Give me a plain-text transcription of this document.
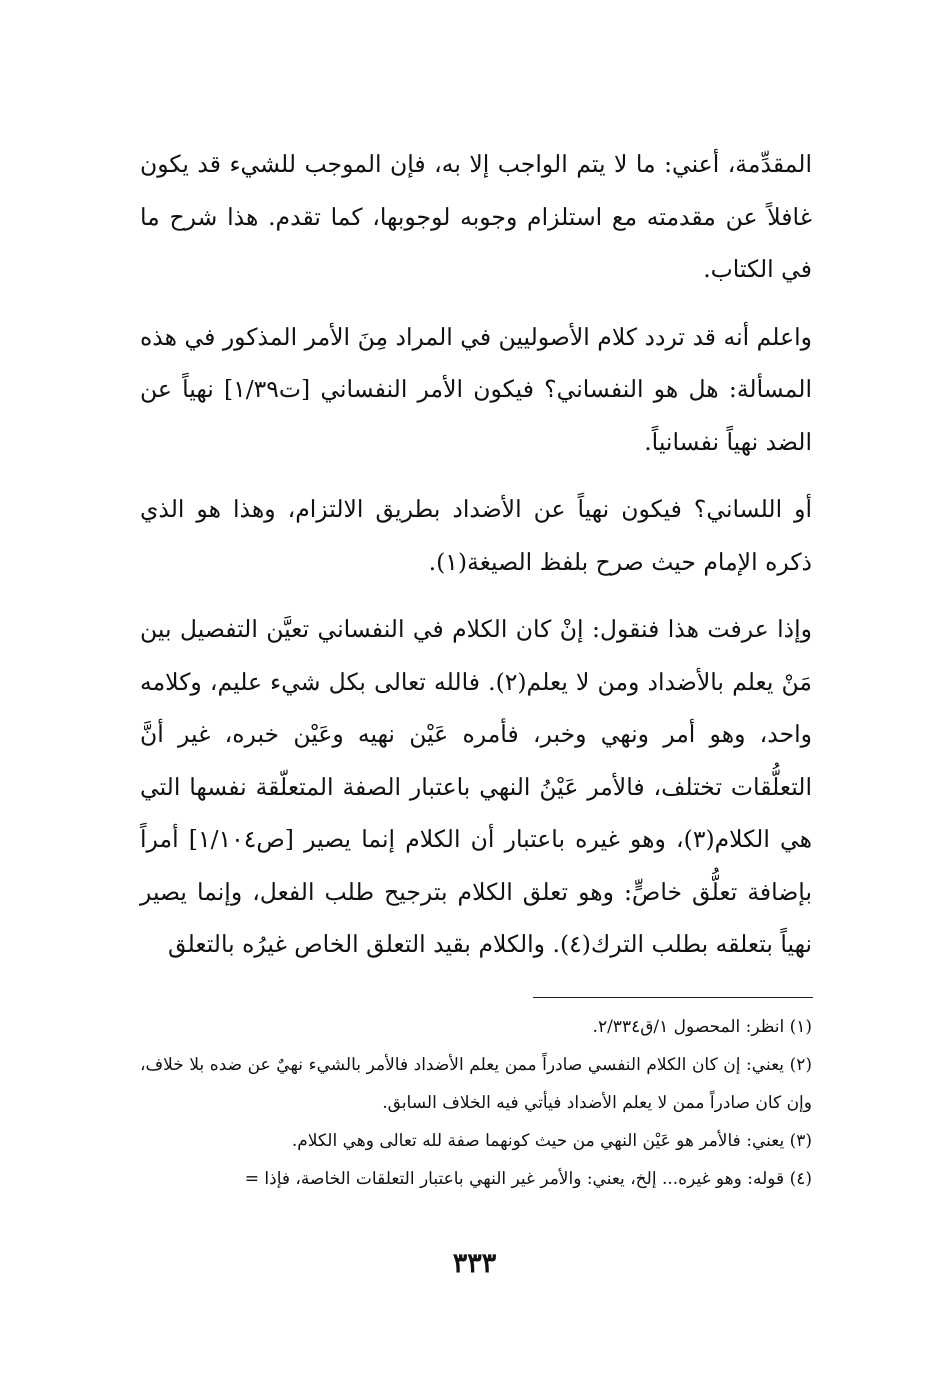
المقدِّمة، أعني: ما لا يتم الواجب إلا به، فإن الموجب للشيء قد يكون غافلاً عن مقدمته مع استلزام وجوبه لوجوبها، كما تقدم. هذا شرح ما في الكتاب.

واعلم أنه قد تردد كلام الأصوليين في المراد مِنَ الأمر المذكور في هذه المسألة: هل هو النفساني؟ فيكون الأمر النفساني [ت١/٣٩] نهياً عن الضد نهياً نفسانياً.

أو اللساني؟ فيكون نهياً عن الأضداد بطريق الالتزام، وهذا هو الذي ذكره الإمام حيث صرح بلفظ الصيغة(١).

وإذا عرفت هذا فنقول: إنْ كان الكلام في النفساني تعيَّن التفصيل بين مَنْ يعلم بالأضداد ومن لا يعلم(٢). فالله تعالى بكل شيء عليم، وكلامه واحد، وهو أمر ونهي وخبر، فأمره عَيْن نهيه وعَيْن خبره، غير أنَّ التعلُّقات تختلف، فالأمر عَيْنُ النهي باعتبار الصفة المتعلّقة نفسها التي هي الكلام(٣)، وهو غيره باعتبار أن الكلام إنما يصير [ص١/١٠٤] أمراً بإضافة تعلُّق خاصٍّ: وهو تعلق الكلام بترجيح طلب الفعل، وإنما يصير نهياً بتعلقه بطلب الترك(٤). والكلام بقيد التعلق الخاص غيرُه بالتعلق

(١) انظر: المحصول ١/ق٢/٣٣٤.

(٢) يعني: إن كان الكلام النفسي صادراً ممن يعلم الأضداد فالأمر بالشيء نهيٌ عن ضده بلا خلاف، وإن كان صادراً ممن لا يعلم الأضداد فيأتي فيه الخلاف السابق.

(٣) يعني: فالأمر هو عَيْن النهي من حيث كونهما صفة لله تعالى وهي الكلام.

(٤) قوله: وهو غيره... إلخ، يعني: والأمر غير النهي باعتبار التعلقات الخاصة، فإذا =

٣٣٣
